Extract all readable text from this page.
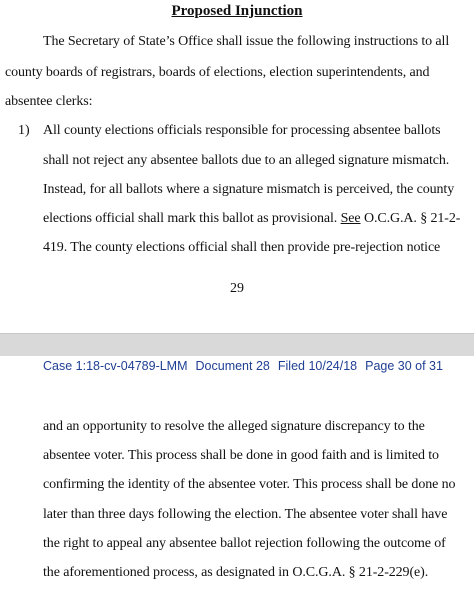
Proposed Injunction
The Secretary of State’s Office shall issue the following instructions to all
county boards of registrars, boards of elections, election superintendents, and
absentee clerks:
1) All county elections officials responsible for processing absentee ballots
shall not reject any absentee ballots due to an alleged signature mismatch.
Instead, for all ballots where a signature mismatch is perceived, the county
elections official shall mark this ballot as provisional. See O.C.G.A. § 21-2-
419. The county elections official shall then provide pre-rejection notice
29
Case 1:18-cv-04789-LMM Document 28 Filed 10/24/18 Page 30 of 31
and an opportunity to resolve the alleged signature discrepancy to the
absentee voter. This process shall be done in good faith and is limited to
confirming the identity of the absentee voter. This process shall be done no
later than three days following the election. The absentee voter shall have
the right to appeal any absentee ballot rejection following the outcome of
the aforementioned process, as designated in O.C.G.A. § 21-2-229(e).
